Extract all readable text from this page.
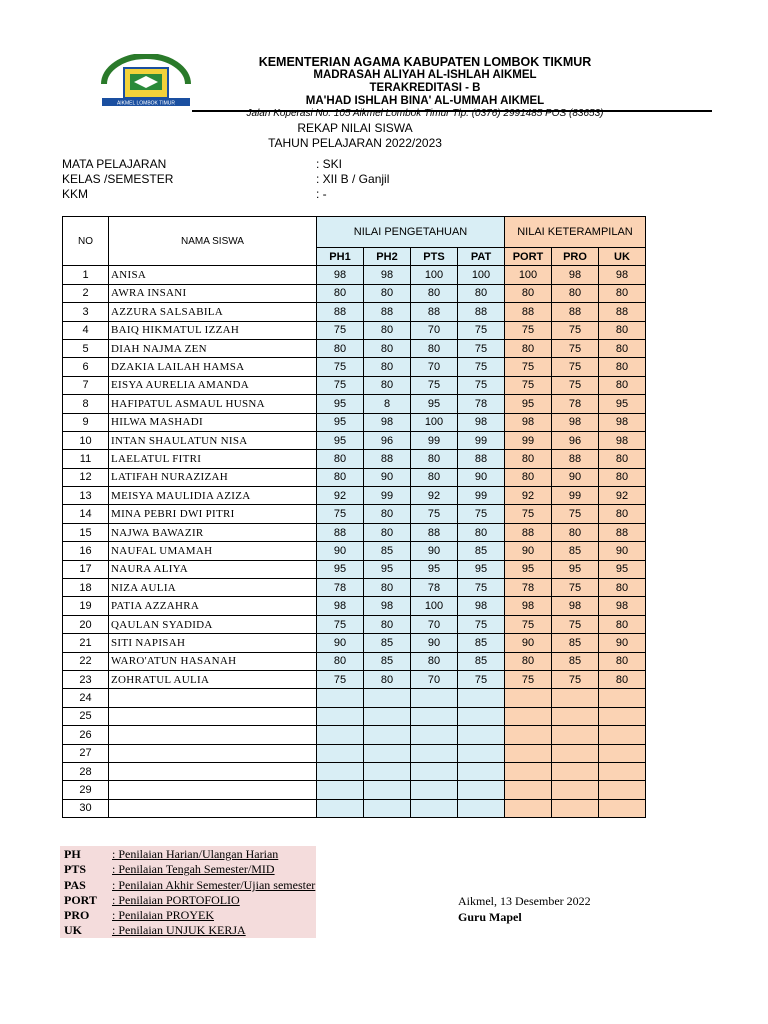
AIKMEL LOMBOK TIMUR
KEMENTERIAN AGAMA KABUPATEN LOMBOK TIKMUR
MADRASAH ALIYAH AL-ISHLAH AIKMEL
TERAKREDITASI - B
MA'HAD ISHLAH BINA' AL-UMMAH AIKMEL
Jalan Koperasi No. 105 Aikmel Lombok Timur Tlp. (0376) 2991485 POS (83653)
REKAP NILAI SISWA
TAHUN PELAJARAN 2022/2023
MATA PELAJARAN	: SKI
KELAS /SEMESTER	: XII B / Ganjil
KKM	: -
NO	NAMA SISWA	NILAI PENGETAHUAN				NILAI KETERAMPILAN		
		PH1	PH2	PTS	PAT	PORT	PRO	UK
1	ANISA	98	98	100	100	100	98	98
2	AWRA INSANI	80	80	80	80	80	80	80
3	AZZURA SALSABILA	88	88	88	88	88	88	88
4	BAIQ HIKMATUL IZZAH	75	80	70	75	75	75	80
5	DIAH NAJMA ZEN	80	80	80	75	80	75	80
6	DZAKIA LAILAH HAMSA	75	80	70	75	75	75	80
7	EISYA AURELIA AMANDA	75	80	75	75	75	75	80
8	HAFIPATUL ASMAUL HUSNA	95	8	95	78	95	78	95
9	HILWA MASHADI	95	98	100	98	98	98	98
10	INTAN SHAULATUN NISA	95	96	99	99	99	96	98
11	LAELATUL FITRI	80	88	80	88	80	88	80
12	LATIFAH NURAZIZAH	80	90	80	90	80	90	80
13	MEISYA MAULIDIA AZIZA	92	99	92	99	92	99	92
14	MINA PEBRI DWI PITRI	75	80	75	75	75	75	80
15	NAJWA BAWAZIR	88	80	88	80	88	80	88
16	NAUFAL UMAMAH	90	85	90	85	90	85	90
17	NAURA ALIYA	95	95	95	95	95	95	95
18	NIZA AULIA	78	80	78	75	78	75	80
19	PATIA AZZAHRA	98	98	100	98	98	98	98
20	QAULAN SYADIDA	75	80	70	75	75	75	80
21	SITI NAPISAH	90	85	90	85	90	85	90
22	WARO'ATUN HASANAH	80	85	80	85	80	85	80
23	ZOHRATUL AULIA	75	80	70	75	75	75	80
24								
25								
26								
27								
28								
29								
30								
PH	: Penilaian Harian/Ulangan Harian
PTS : Penilaian Tengah Semester/MID
PAS : Penilaian Akhir Semester/Ujian semester
PORT : Penilaian PORTOFOLIO
PRO : Penilaian PROYEK
UK	: Penilaian UNJUK KERJA
Aikmel, 13 Desember 2022
Guru Mapel
